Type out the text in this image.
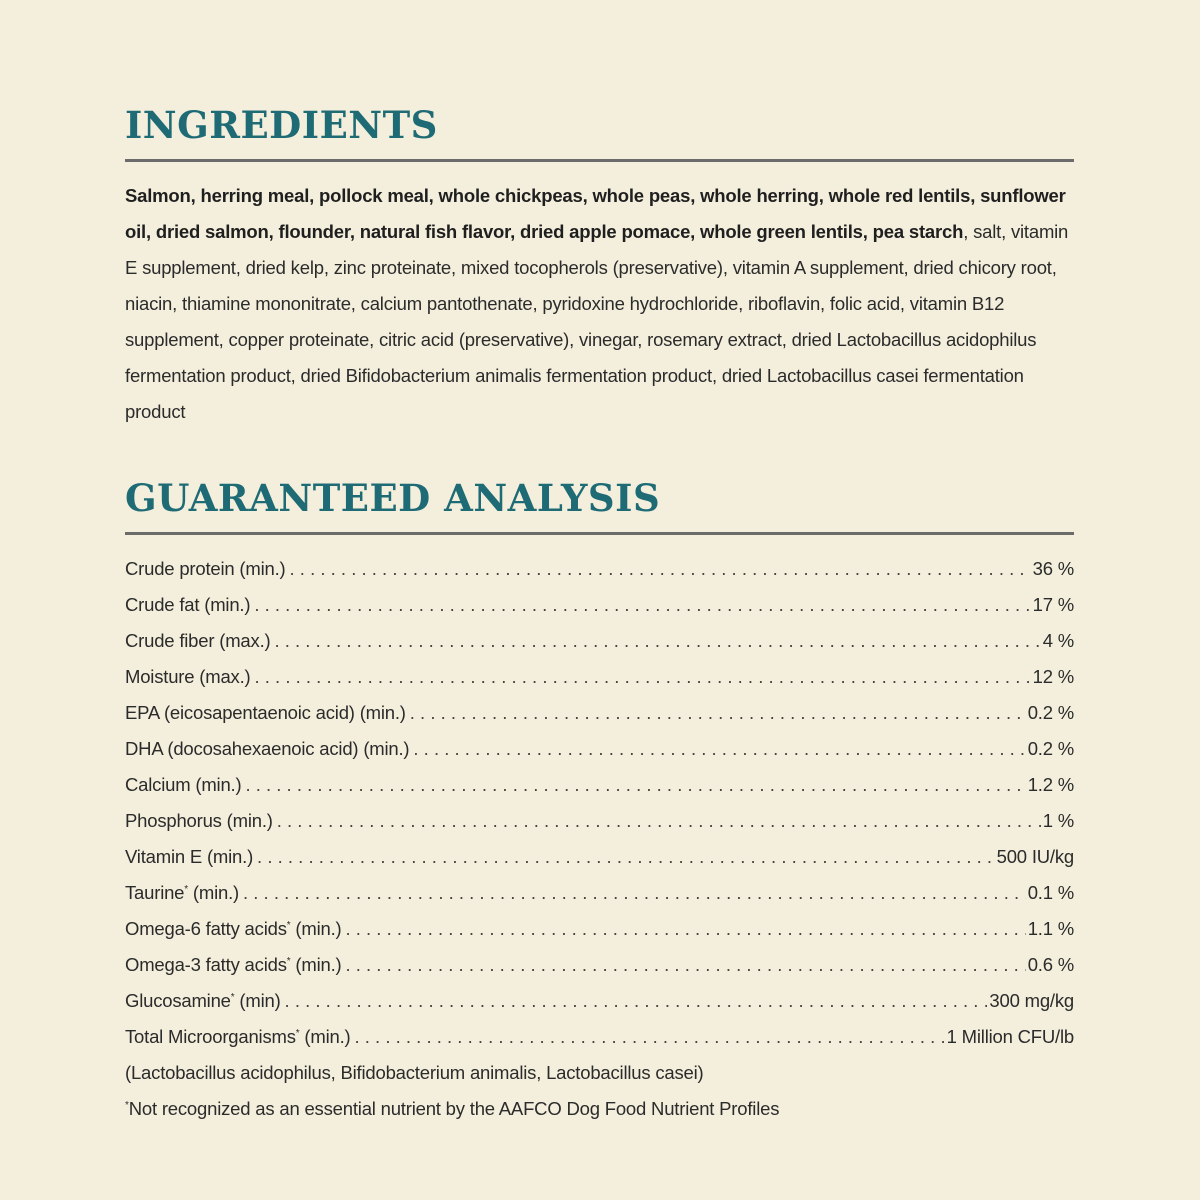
INGREDIENTS

Salmon, herring meal, pollock meal, whole chickpeas, whole peas, whole herring, whole red lentils, sunflower oil, dried salmon, flounder, natural fish flavor, dried apple pomace, whole green lentils, pea starch, salt, vitamin E supplement, dried kelp, zinc proteinate, mixed tocopherols (preservative), vitamin A supplement, dried chicory root, niacin, thiamine mononitrate, calcium pantothenate, pyridoxine hydrochloride, riboflavin, folic acid, vitamin B12 supplement, copper proteinate, citric acid (preservative), vinegar, rosemary extract, dried Lactobacillus acidophilus fermentation product, dried Bifidobacterium animalis fermentation product, dried Lactobacillus casei fermentation product

GUARANTEED ANALYSIS
Crude protein (min.) . . .	36 %
Crude fat (min.) . . .	17 %
Crude fiber (max.) . . .	4 %
Moisture (max.) . . .	12 %
EPA (eicosapentaenoic acid) (min.) . . .	0.2 %
DHA (docosahexaenoic acid) (min.) . . .	0.2 %
Calcium (min.) . . .	1.2 %
Phosphorus (min.) . . .	1 %
Vitamin E (min.) . . .	500 IU/kg
Taurine* (min.) . . .	0.1 %
Omega-6 fatty acids* (min.) . . .	1.1 %
Omega-3 fatty acids* (min.) . . .	0.6 %
Glucosamine* (min) . . .	300 mg/kg
Total Microorganisms* (min.) . . .	1 Million CFU/lb

(Lactobacillus acidophilus, Bifidobacterium animalis, Lactobacillus casei)

*Not recognized as an essential nutrient by the AAFCO Dog Food Nutrient Profiles
